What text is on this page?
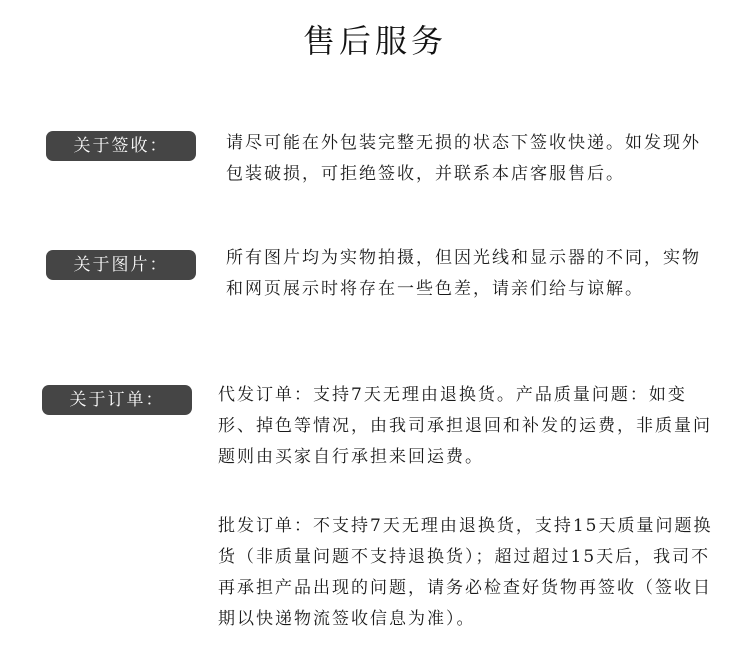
售后服务
关于签收：	请尽可能在外包装完整无损的状态下签收快递。如发现外包装破损，可拒绝签收，并联系本店客服售后。
关于图片：	所有图片均为实物拍摄，但因光线和显示器的不同，实物和网页展示时将存在一些色差，请亲们给与谅解。
关于订单：	代发订单：支持7天无理由退换货。产品质量问题：如变形、掉色等情况，由我司承担退回和补发的运费，非质量问题则由买家自行承担来回运费。
批发订单：不支持7天无理由退换货，支持15天质量问题换货（非质量问题不支持退换货）；超过超过15天后，我司不再承担产品出现的问题，请务必检查好货物再签收（签收日期以快递物流签收信息为准）。
